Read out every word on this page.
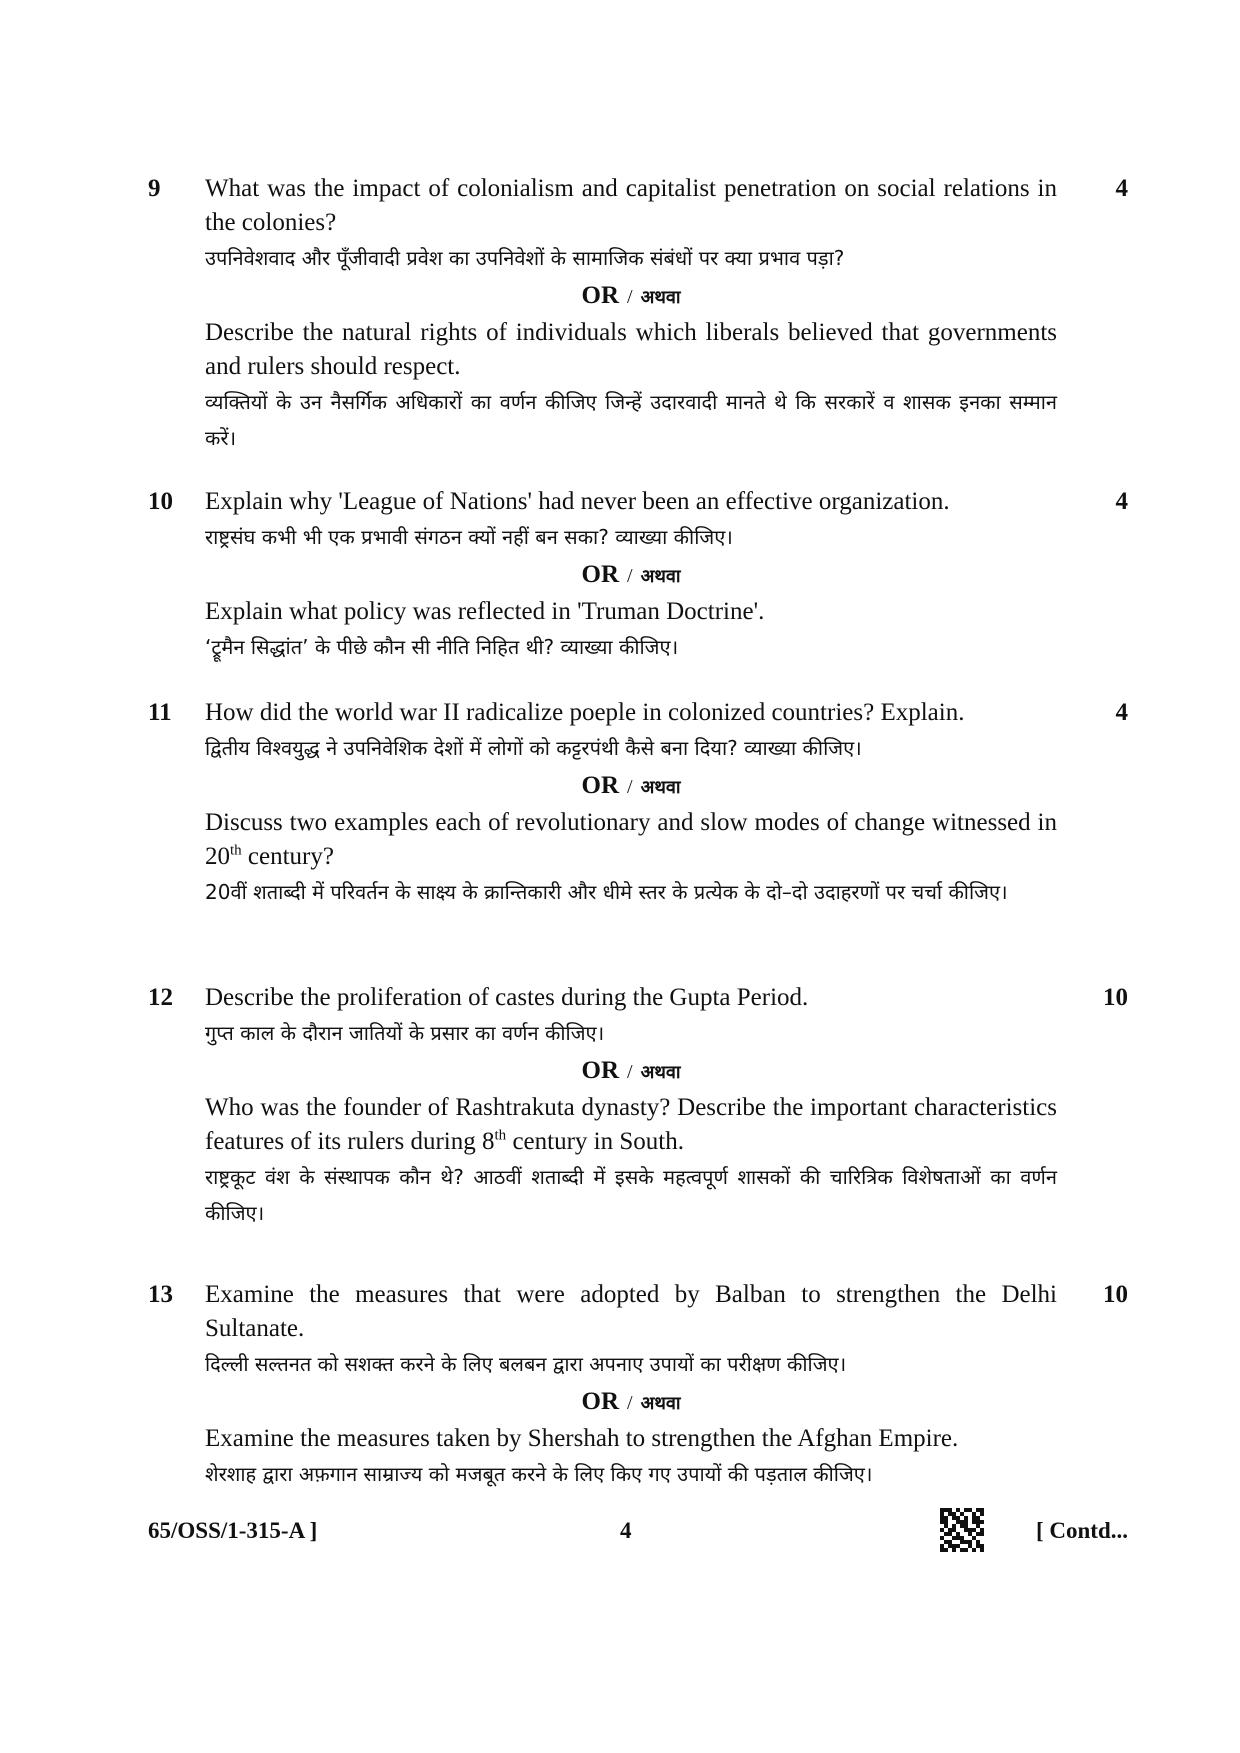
9	4

What was the impact of colonialism and capitalist penetration on social relations in the colonies?

उपनिवेशवाद और पूँजीवादी प्रवेश का उपनिवेशों के सामाजिक संबंधों पर क्या प्रभाव पड़ा?

OR / अथवा

Describe the natural rights of individuals which liberals believed that governments and rulers should respect.

व्यक्तियों के उन नैसर्गिक अधिकारों का वर्णन कीजिए जिन्हें उदारवादी मानते थे कि सरकारें व शासक इनका सम्मान करें।

10	4

Explain why 'League of Nations' had never been an effective organization.

राष्ट्रसंघ कभी भी एक प्रभावी संगठन क्यों नहीं बन सका? व्याख्या कीजिए।

OR / अथवा

Explain what policy was reflected in 'Truman Doctrine'.

‘ट्रूमैन सिद्धांत’ के पीछे कौन सी नीति निहित थी? व्याख्या कीजिए।

11	4

How did the world war II radicalize poeple in colonized countries? Explain.

द्वितीय विश्वयुद्ध ने उपनिवेशिक देशों में लोगों को कट्टरपंथी कैसे बना दिया? व्याख्या कीजिए।

OR / अथवा

Discuss two examples each of revolutionary and slow modes of change witnessed in 20th century?

20वीं शताब्दी में परिवर्तन के साक्ष्य के क्रान्तिकारी और धीमे स्तर के प्रत्येक के दो–दो उदाहरणों पर चर्चा कीजिए।

12	10

Describe the proliferation of castes during the Gupta Period.

गुप्त काल के दौरान जातियों के प्रसार का वर्णन कीजिए।

OR / अथवा

Who was the founder of Rashtrakuta dynasty? Describe the important characteristics features of its rulers during 8th century in South.

राष्ट्रकूट वंश के संस्थापक कौन थे? आठवीं शताब्दी में इसके महत्वपूर्ण शासकों की चारित्रिक विशेषताओं का वर्णन कीजिए।

13	10

Examine the measures that were adopted by Balban to strengthen the Delhi Sultanate.

दिल्ली सल्तनत को सशक्त करने के लिए बलबन द्वारा अपनाए उपायों का परीक्षण कीजिए।

OR / अथवा

Examine the measures taken by Shershah to strengthen the Afghan Empire.

शेरशाह द्वारा अफ़गान साम्राज्य को मजबूत करने के लिए किए गए उपायों की पड़ताल कीजिए।

65/OSS/1-315-A ]	4	[ Contd...
